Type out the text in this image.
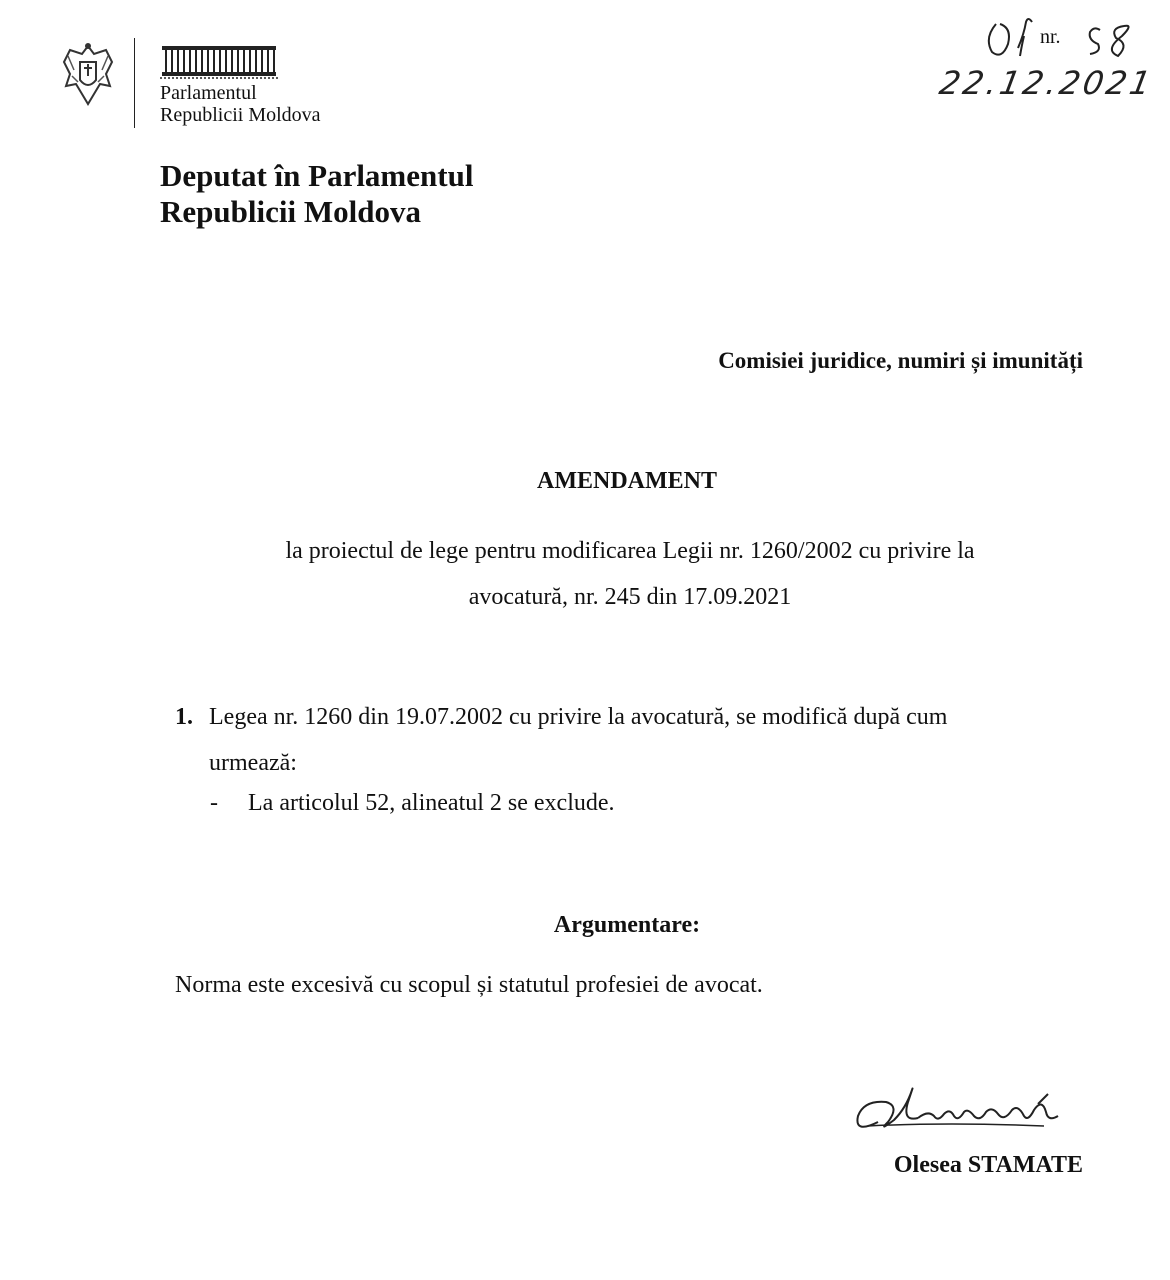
Parlamentul
Republicii Moldova
nr.
22.12.2021
Deputat în Parlamentul
Republicii Moldova
Comisiei juridice, numiri și imunități
AMENDAMENT
la proiectul de lege pentru modificarea Legii nr. 1260/2002 cu privire la
avocatură, nr. 245 din 17.09.2021
1. Legea nr. 1260 din 19.07.2002 cu privire la avocatură, se modifică după cum
urmează:
- La articolul 52, alineatul 2 se exclude.
Argumentare:
Norma este excesivă cu scopul și statutul profesiei de avocat.
Olesea STAMATE
